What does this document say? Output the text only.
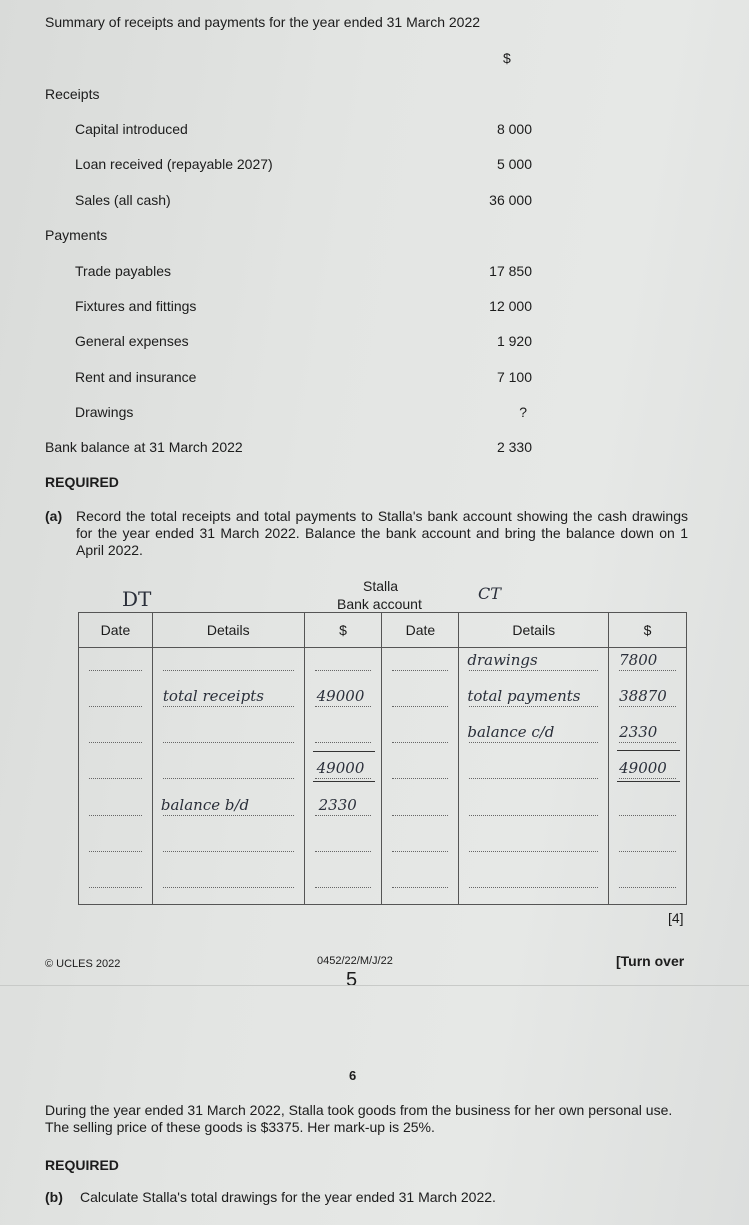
Summary of receipts and payments for the year ended 31 March 2022
$
Receipts
Capital introduced	8 000
Loan received (repayable 2027)	5 000
Sales (all cash)	36 000
Payments
Trade payables	17 850
Fixtures and fittings	12 000
General expenses	1 920
Rent and insurance	7 100
Drawings	?
Bank balance at 31 March 2022	2 330
REQUIRED
(a) Record the total receipts and total payments to Stalla's bank account showing the cash drawings for the year ended 31 March 2022. Balance the bank account and bring the balance down on 1 April 2022.
DT	CT
Stalla
Bank account
Date	Details	$	Date	Details	$

				drawings	7800

	total receipts	49000		total payments	38870

				balance c/d	2330

		49000			49000

	balance b/d	2330			

[4]
© UCLES 2022	0452/22/M/J/22
5
[Turn over
6
During the year ended 31 March 2022, Stalla took goods from the business for her own personal use. The selling price of these goods is $3375. Her mark-up is 25%.
REQUIRED
(b) Calculate Stalla's total drawings for the year ended 31 March 2022.
